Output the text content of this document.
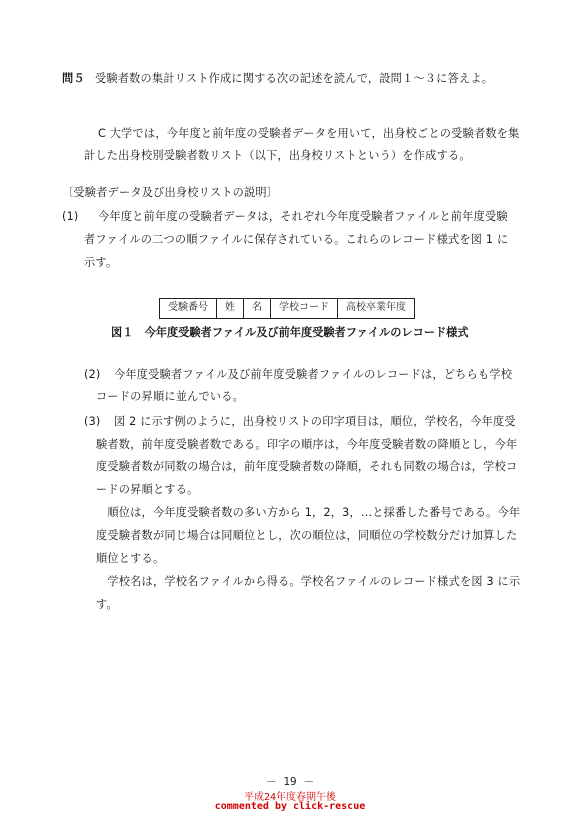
問５ 受験者数の集計リスト作成に関する次の記述を読んで，設問１〜３に答えよ。
C 大学では，今年度と前年度の受験者データを用いて，出身校ごとの受験者数を集
計した出身校別受験者数リスト（以下，出身校リストという）を作成する。
〔受験者データ及び出身校リストの説明〕
(1) 今年度と前年度の受験者データは，それぞれ今年度受験者ファイルと前年度受験
者ファイルの二つの順ファイルに保存されている。これらのレコード様式を図 1 に
示す。
受験番号	姓	名	学校コード	高校卒業年度
図１　今年度受験者ファイル及び前年度受験者ファイルのレコード様式
(2) 今年度受験者ファイル及び前年度受験者ファイルのレコードは，どちらも学校
コードの昇順に並んでいる。
(3) 図 2 に示す例のように，出身校リストの印字項目は，順位，学校名，今年度受
験者数，前年度受験者数である。印字の順序は，今年度受験者数の降順とし，今年
度受験者数が同数の場合は，前年度受験者数の降順，それも同数の場合は，学校コ
ードの昇順とする。
　順位は，今年度受験者数の多い方から 1，2，3，…と採番した番号である。今年
度受験者数が同じ場合は同順位とし，次の順位は，同順位の学校数分だけ加算した
順位とする。
　学校名は，学校名ファイルから得る。学校名ファイルのレコード様式を図 3 に示
す。
－ 19 －
平成24年度春期午後
commented by click-rescue
